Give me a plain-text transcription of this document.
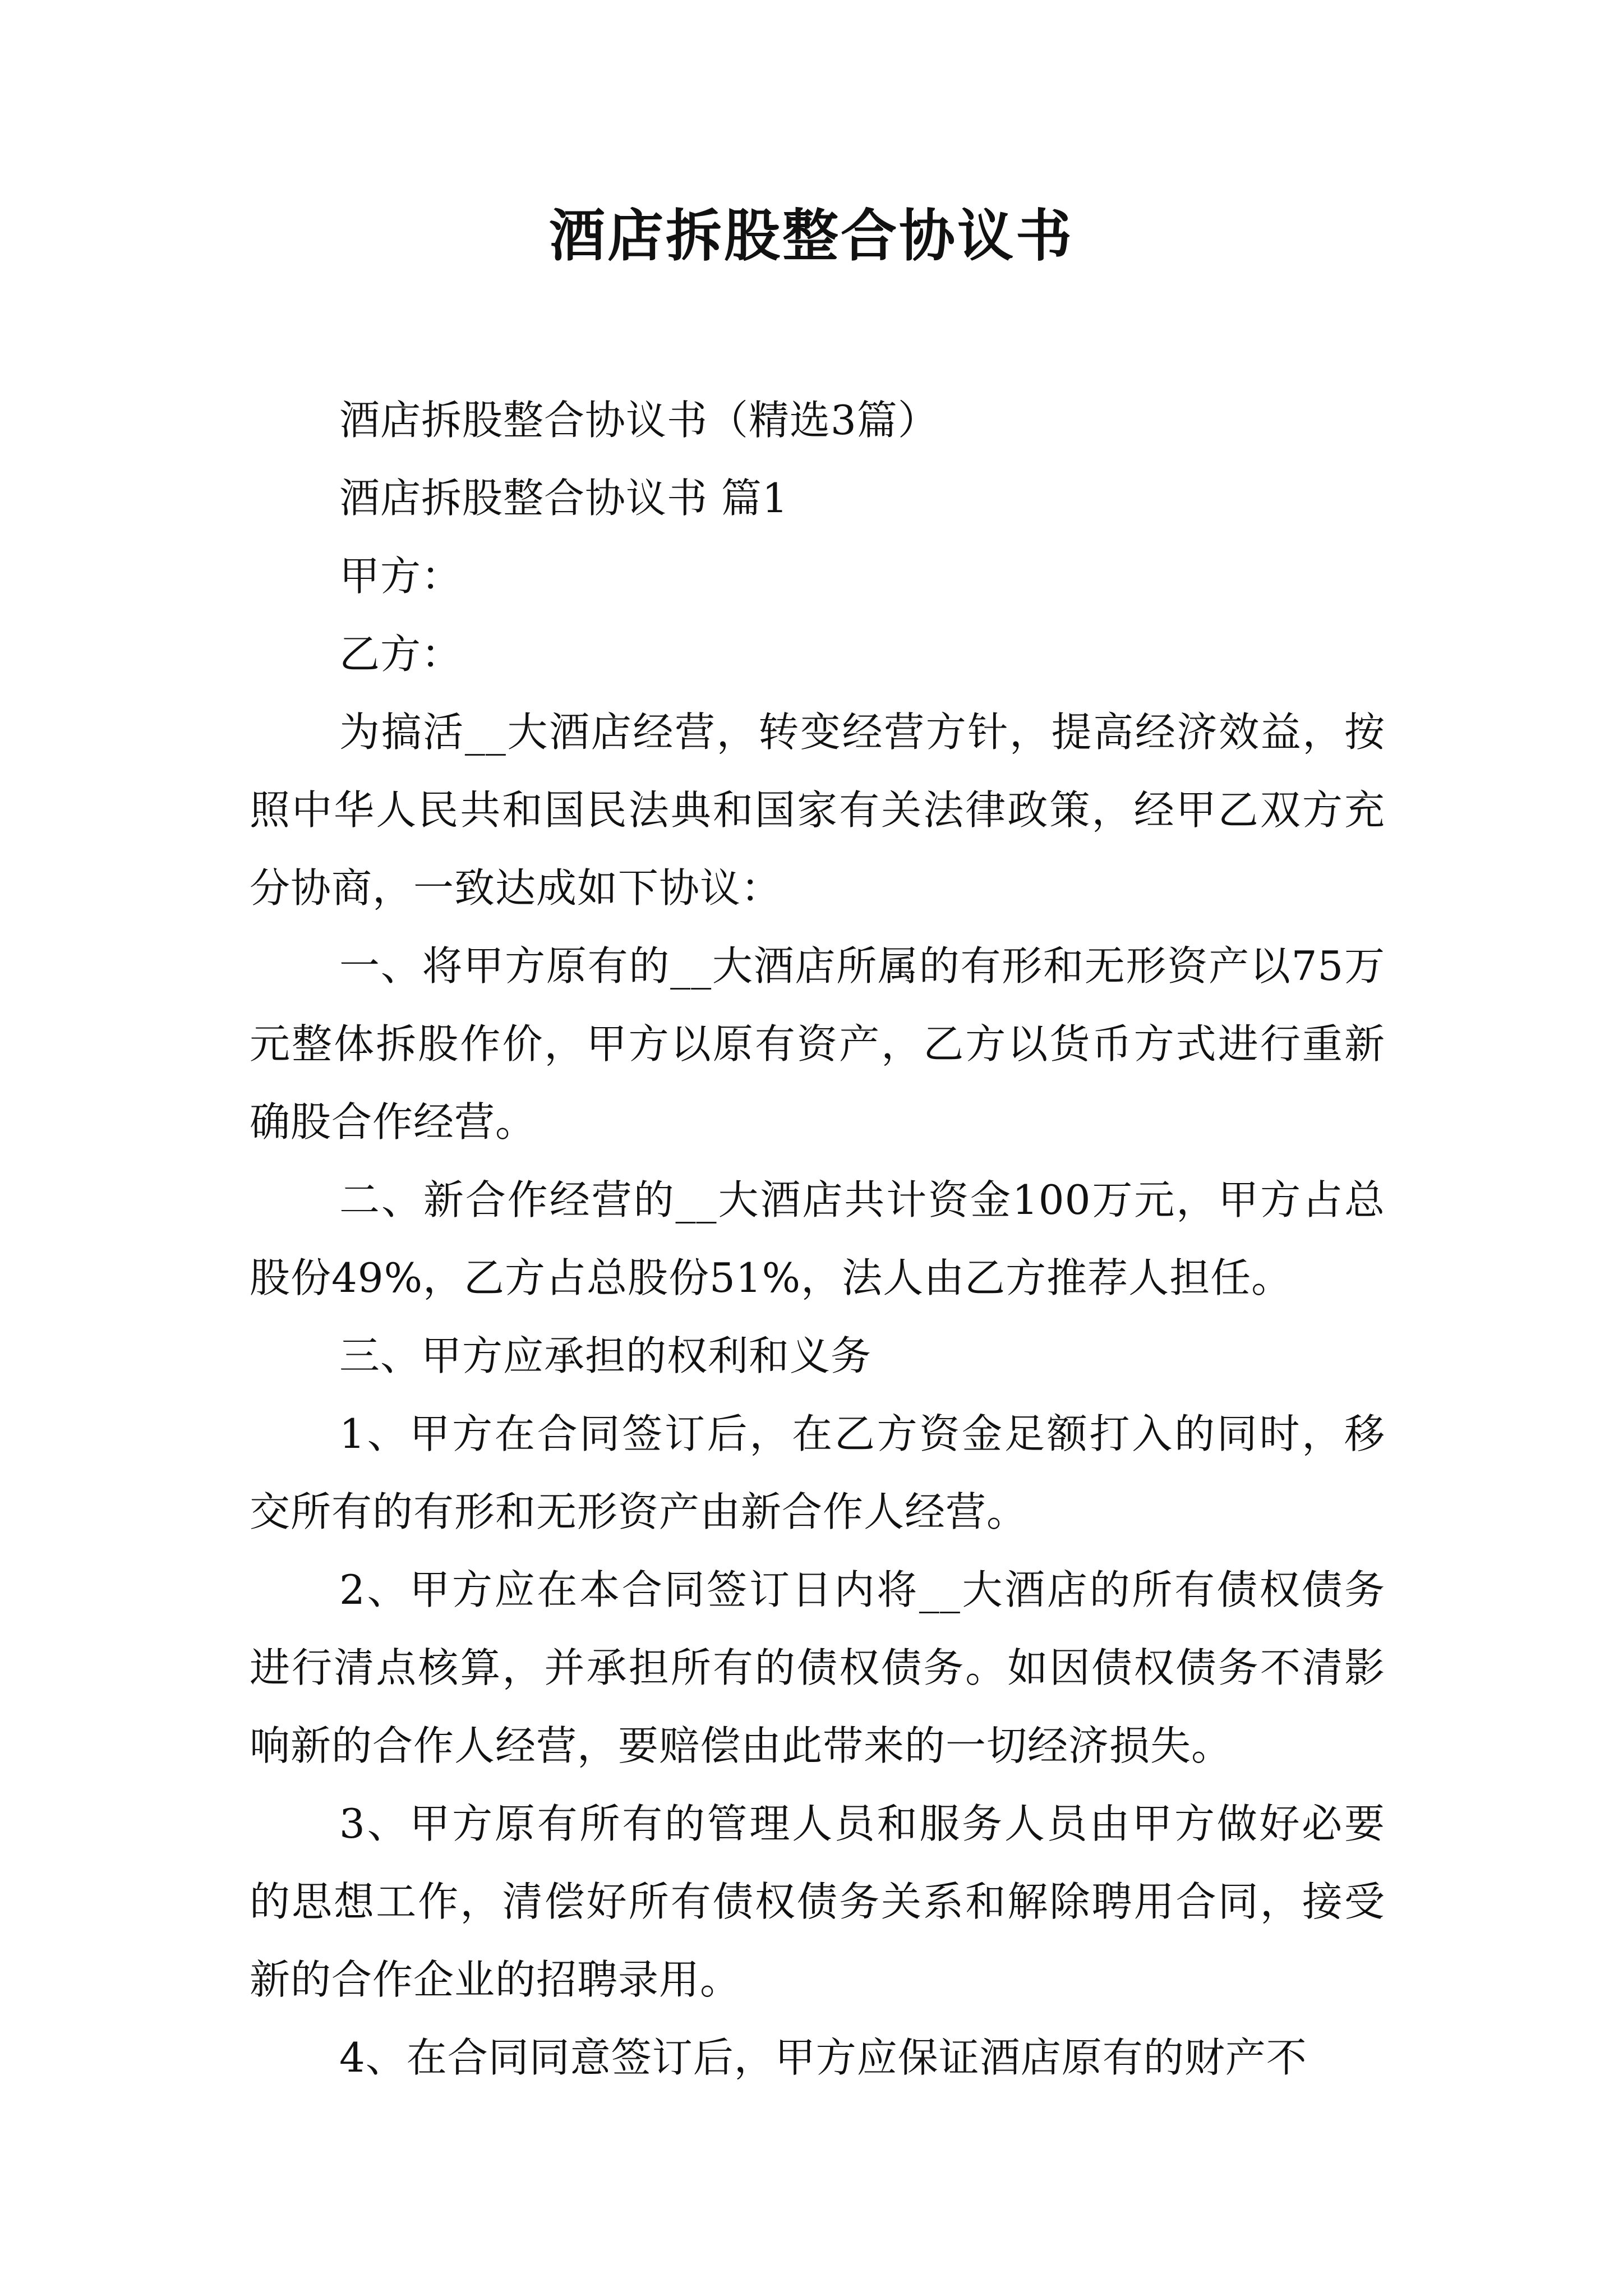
酒店拆股整合协议书

酒店拆股整合协议书（精选3篇）

酒店拆股整合协议书 篇1

甲方：

乙方：

为搞活__大酒店经营，转变经营方针，提高经济效益，按照中华人民共和国民法典和国家有关法律政策，经甲乙双方充分协商，一致达成如下协议：

一、将甲方原有的__大酒店所属的有形和无形资产以75万元整体拆股作价，甲方以原有资产，乙方以货币方式进行重新确股合作经营。

二、新合作经营的__大酒店共计资金100万元，甲方占总股份49%，乙方占总股份51%，法人由乙方推荐人担任。

三、甲方应承担的权利和义务

1、甲方在合同签订后，在乙方资金足额打入的同时，移交所有的有形和无形资产由新合作人经营。

2、甲方应在本合同签订日内将__大酒店的所有债权债务进行清点核算，并承担所有的债权债务。如因债权债务不清影响新的合作人经营，要赔偿由此带来的一切经济损失。

3、甲方原有所有的管理人员和服务人员由甲方做好必要的思想工作，清偿好所有债权债务关系和解除聘用合同，接受新的合作企业的招聘录用。

4、在合同同意签订后，甲方应保证酒店原有的财产不
